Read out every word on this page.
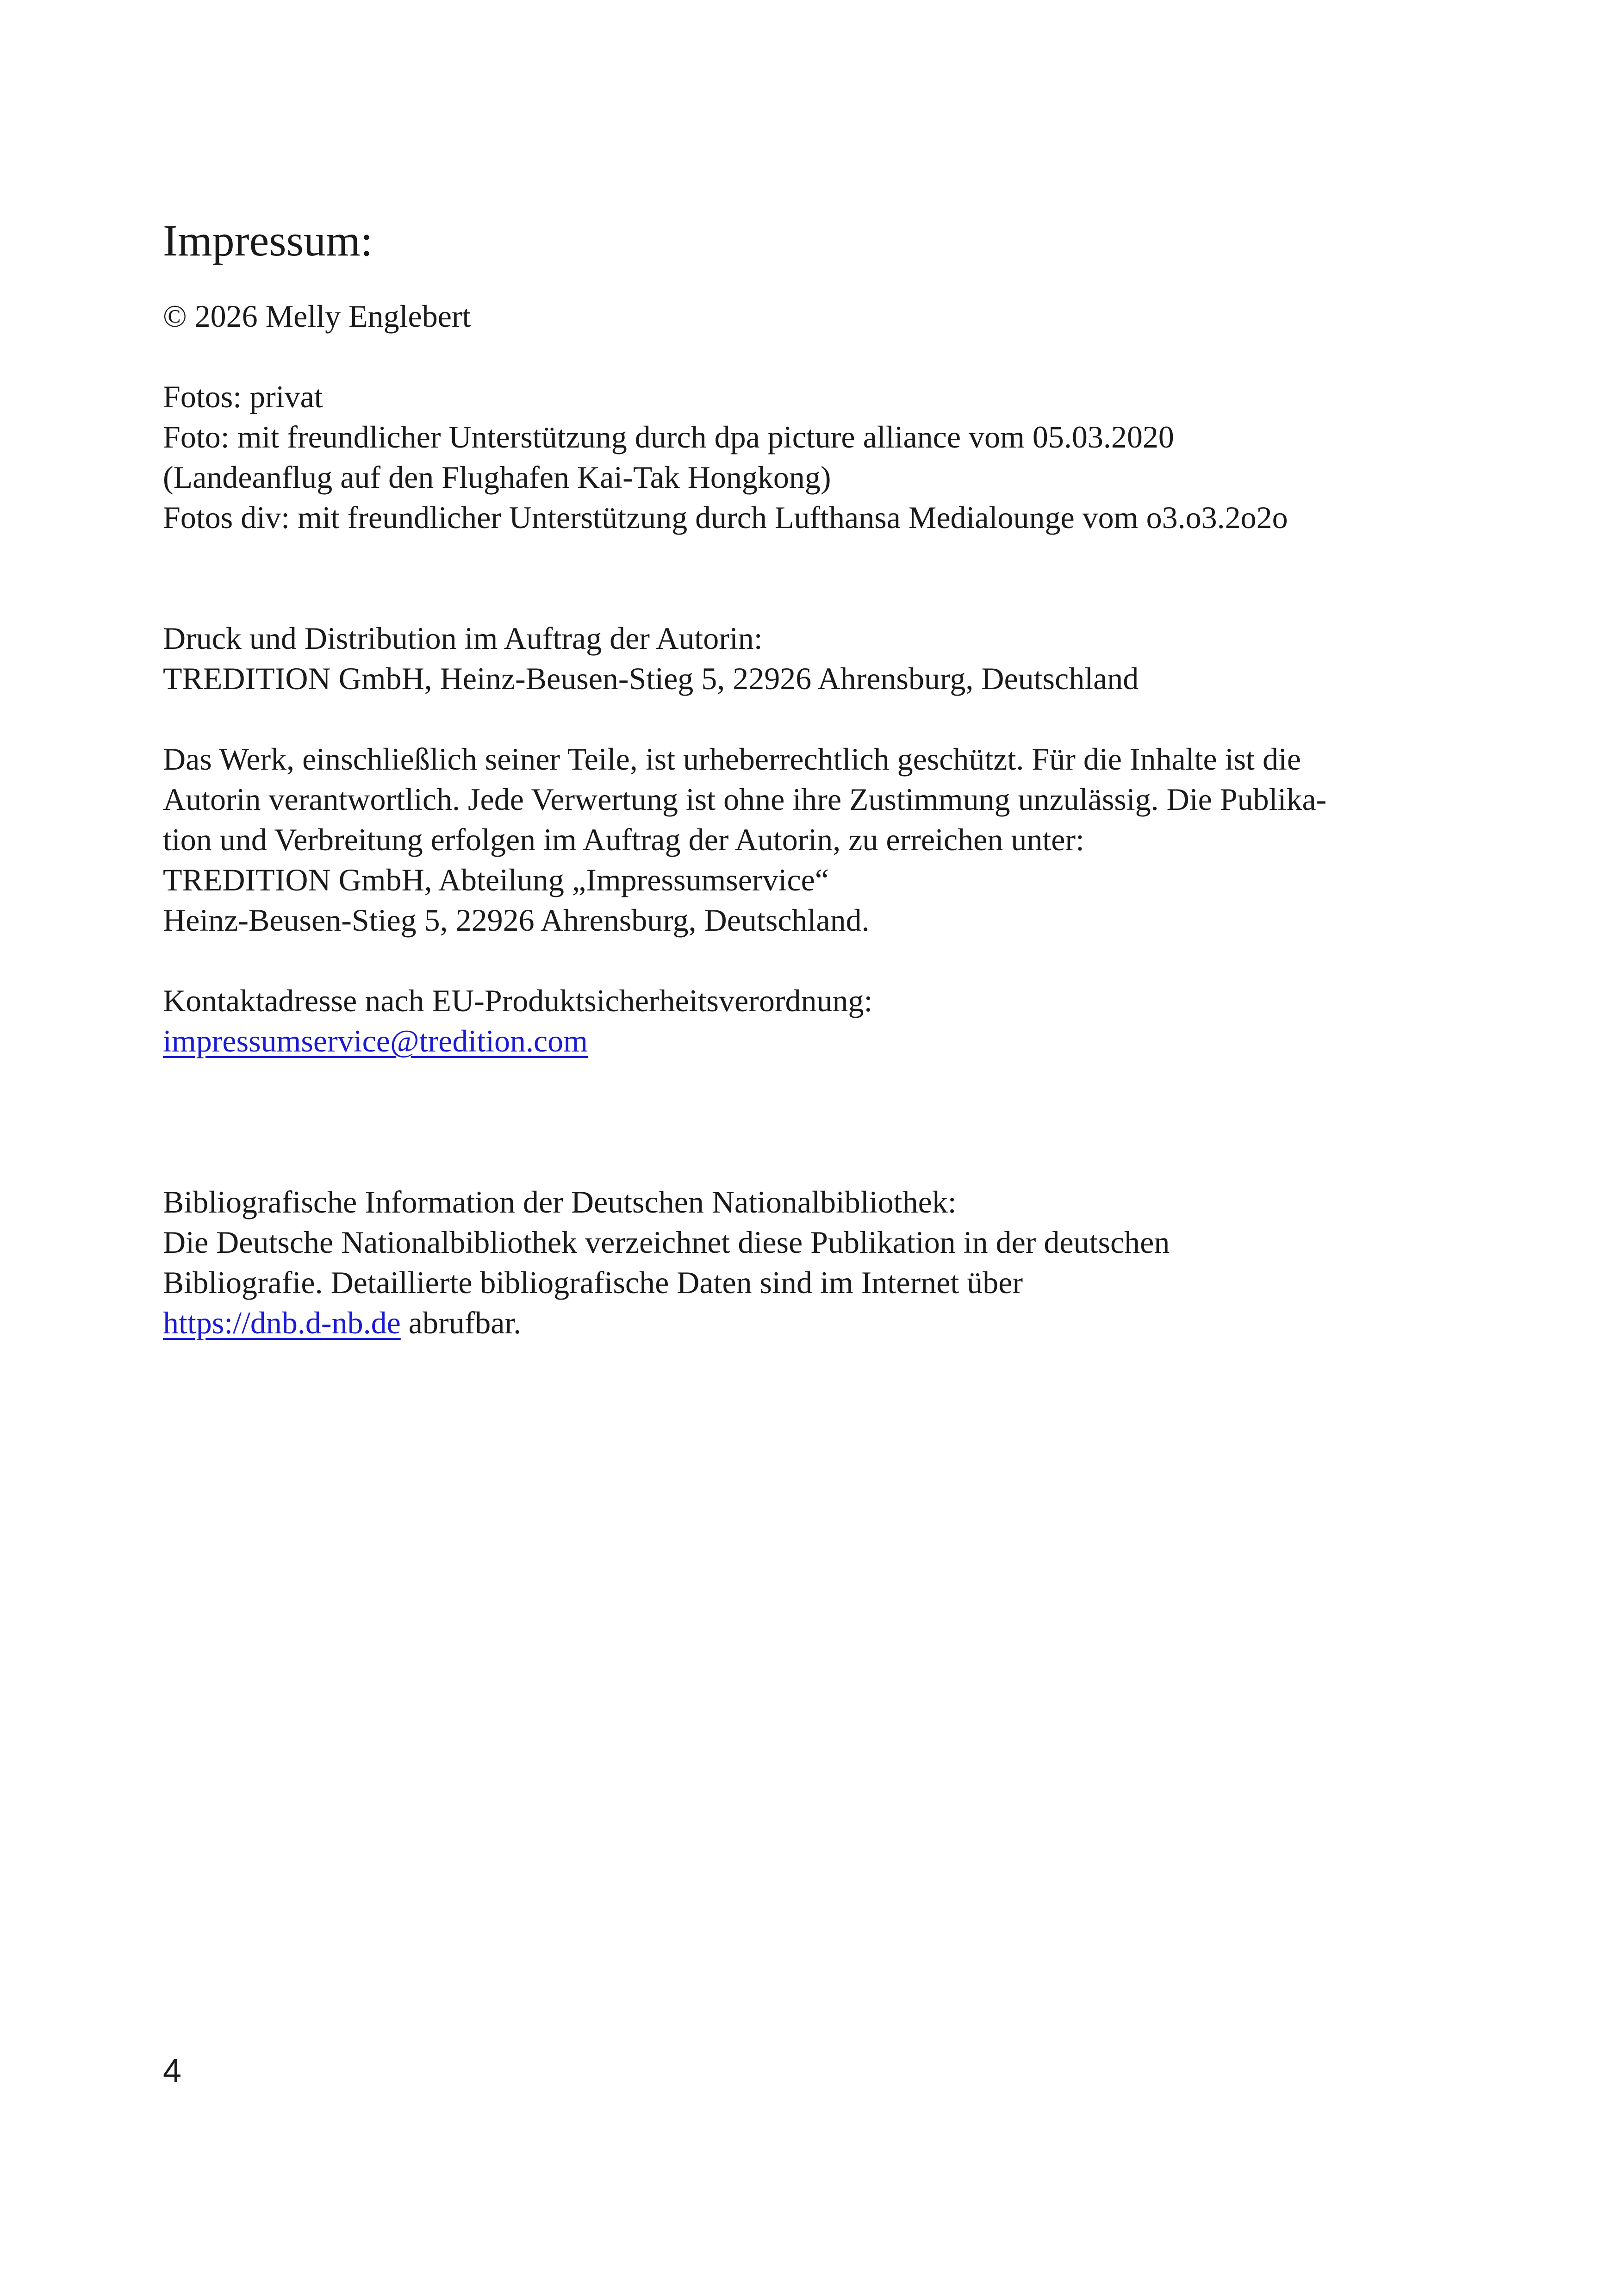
Impressum:
© 2026 Melly Englebert
Fotos: privat
Foto: mit freundlicher Unterstützung durch dpa picture alliance vom 05.03.2020
(Landeanflug auf den Flughafen Kai-Tak Hongkong)
Fotos div: mit freundlicher Unterstützung durch Lufthansa Medialounge vom o3.o3.2o2o
Druck und Distribution im Auftrag der Autorin:
TREDITION GmbH, Heinz-Beusen-Stieg 5, 22926 Ahrensburg, Deutschland
Das Werk, einschließlich seiner Teile, ist urheberrechtlich geschützt. Für die Inhalte ist die
Autorin verantwortlich. Jede Verwertung ist ohne ihre Zustimmung unzulässig. Die Publika-
tion und Verbreitung erfolgen im Auftrag der Autorin, zu erreichen unter:
TREDITION GmbH, Abteilung „Impressumservice“
Heinz-Beusen-Stieg 5, 22926 Ahrensburg, Deutschland.
Kontaktadresse nach EU-Produktsicherheitsverordnung:
impressumservice@tredition.com
Bibliografische Information der Deutschen Nationalbibliothek:
Die Deutsche Nationalbibliothek verzeichnet diese Publikation in der deutschen
Bibliografie. Detaillierte bibliografische Daten sind im Internet über
https://dnb.d-nb.de abrufbar.
4
